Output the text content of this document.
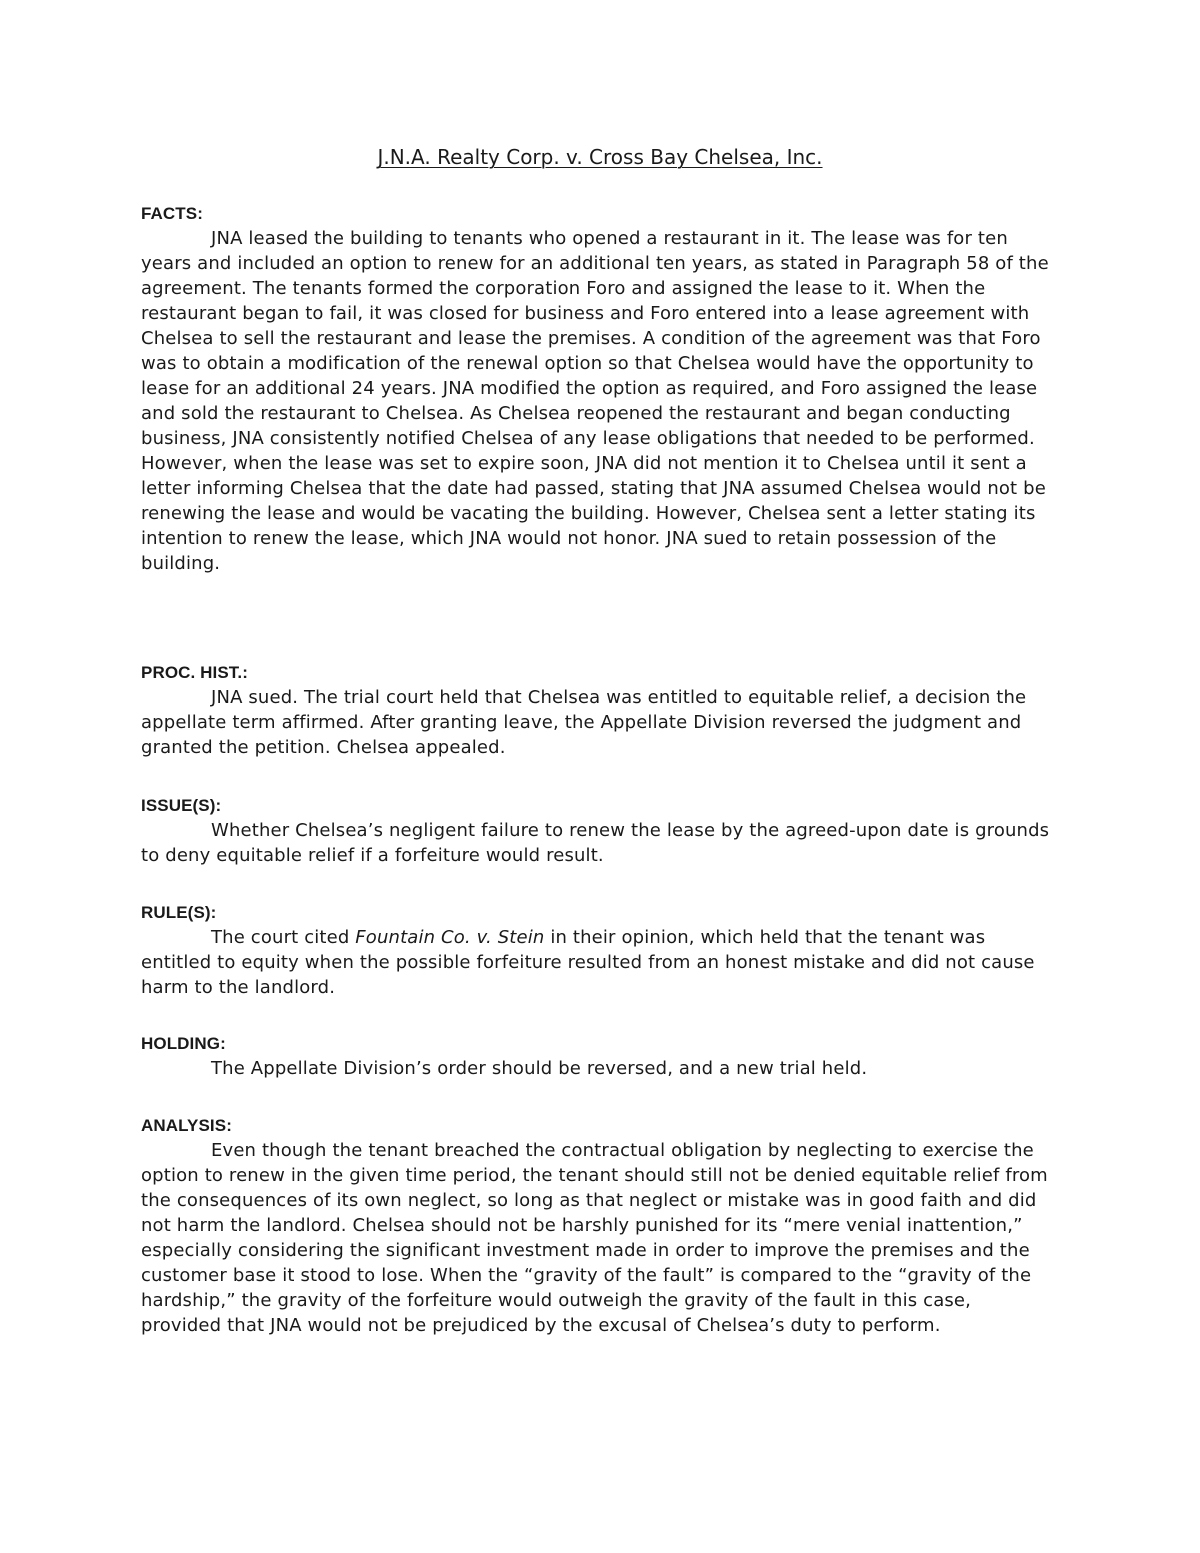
J.N.A. Realty Corp. v. Cross Bay Chelsea, Inc.

FACTS:

JNA leased the building to tenants who opened a restaurant in it. The lease was for ten years and included an option to renew for an additional ten years, as stated in Paragraph 58 of the agreement. The tenants formed the corporation Foro and assigned the lease to it. When the restaurant began to fail, it was closed for business and Foro entered into a lease agreement with Chelsea to sell the restaurant and lease the premises. A condition of the agreement was that Foro was to obtain a modification of the renewal option so that Chelsea would have the opportunity to lease for an additional 24 years. JNA modified the option as required, and Foro assigned the lease and sold the restaurant to Chelsea. As Chelsea reopened the restaurant and began conducting business, JNA consistently notified Chelsea of any lease obligations that needed to be performed. However, when the lease was set to expire soon, JNA did not mention it to Chelsea until it sent a letter informing Chelsea that the date had passed, stating that JNA assumed Chelsea would not be renewing the lease and would be vacating the building. However, Chelsea sent a letter stating its intention to renew the lease, which JNA would not honor. JNA sued to retain possession of the building.

PROC. HIST.:

JNA sued. The trial court held that Chelsea was entitled to equitable relief, a decision the appellate term affirmed. After granting leave, the Appellate Division reversed the judgment and granted the petition. Chelsea appealed.

ISSUE(S):

Whether Chelsea’s negligent failure to renew the lease by the agreed-upon date is grounds to deny equitable relief if a forfeiture would result.

RULE(S):

The court cited Fountain Co. v. Stein in their opinion, which held that the tenant was entitled to equity when the possible forfeiture resulted from an honest mistake and did not cause harm to the landlord.

HOLDING:

The Appellate Division’s order should be reversed, and a new trial held.

ANALYSIS:

Even though the tenant breached the contractual obligation by neglecting to exercise the option to renew in the given time period, the tenant should still not be denied equitable relief from the consequences of its own neglect, so long as that neglect or mistake was in good faith and did not harm the landlord. Chelsea should not be harshly punished for its “mere venial inattention,” especially considering the significant investment made in order to improve the premises and the customer base it stood to lose. When the “gravity of the fault” is compared to the “gravity of the hardship,” the gravity of the forfeiture would outweigh the gravity of the fault in this case, provided that JNA would not be prejudiced by the excusal of Chelsea’s duty to perform.
